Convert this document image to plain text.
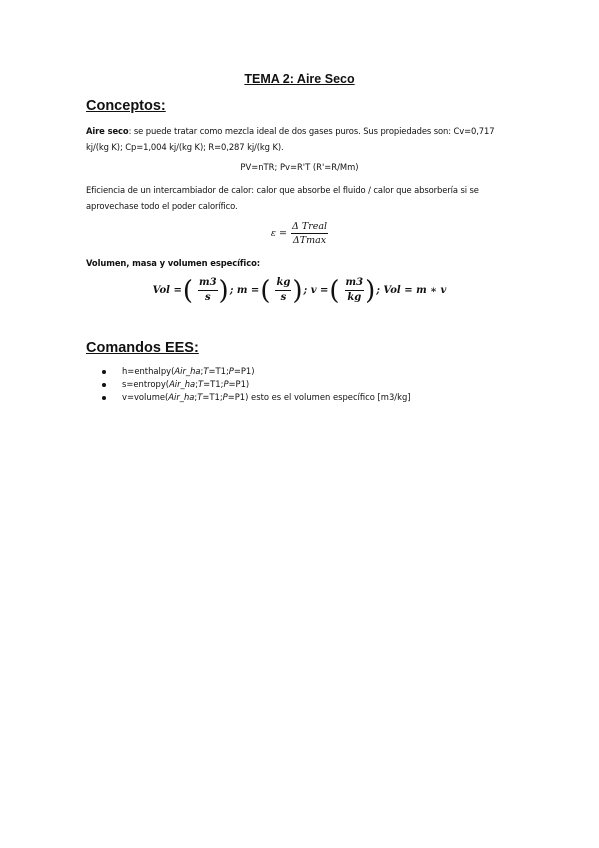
TEMA 2: Aire Seco
Conceptos:
Aire seco: se puede tratar como mezcla ideal de dos gases puros. Sus propiedades son: Cv=0,717 kj/(kg K); Cp=1,004 kj/(kg K); R=0,287 kj/(kg K).
PV=nTR; Pv=R'T (R'=R/Mm)
Eficiencia de un intercambiador de calor: calor que absorbe el fluido / calor que absorbería si se aprovechase todo el poder calorífico.
$\varepsilon = \frac{\text{Δ Treal}}{\Delta Tmax}$
Volumen, masa y volumen específico:
Vol = ( $\frac{m3}{s}$ ) ; m = ( $\frac{kg}{s}$ ) ; v = ( $\frac{m3}{kg}$ ) ; Vol = m ∗ v
Comandos EES:
h=enthalpy(Air_ha;T=T1;P=P1)
s=entropy(Air_ha;T=T1;P=P1)
v=volume(Air_ha;T=T1;P=P1) esto es el volumen específico [m3/kg]
